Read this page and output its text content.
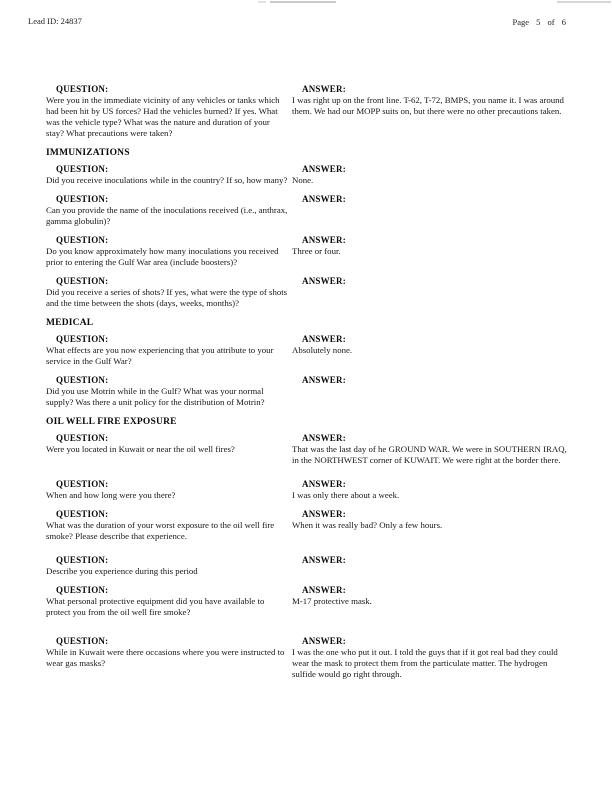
Lead ID: 24837	Page 5 of 6
QUESTION:
Were you in the immediate vicinity of any vehicles or tanks which had been hit by US forces? Had the vehicles burned? If yes. What was the vehicle type? What was the nature and duration of your stay? What precautions were taken?
ANSWER:
I was right up on the front line. T-62, T-72, BMPS, you name it. I was around them. We had our MOPP suits on, but there were no other precautions taken.
IMMUNIZATIONS
QUESTION:
Did you receive inoculations while in the country? If so, how many?
ANSWER:
None.
QUESTION:
Can you provide the name of the inoculations received (i.e., anthrax, gamma globulin)?
ANSWER:
QUESTION:
Do you know approximately how many inoculations you received prior to entering the Gulf War area (include boosters)?
ANSWER:
Three or four.
QUESTION:
Did you receive a series of shots? If yes, what were the type of shots and the time between the shots (days, weeks, months)?
ANSWER:
MEDICAL
QUESTION:
What effects are you now experiencing that you attribute to your service in the Gulf War?
ANSWER:
Absolutely none.
QUESTION:
Did you use Motrin while in the Gulf? What was your normal supply? Was there a unit policy for the distribution of Motrin?
ANSWER:
OIL WELL FIRE EXPOSURE
QUESTION:
Were you located in Kuwait or near the oil well fires?
ANSWER:
That was the last day of he GROUND WAR. We were in SOUTHERN IRAQ, in the NORTHWEST corner of KUWAIT. We were right at the border there.
QUESTION:
When and how long were you there?
ANSWER:
I was only there about a week.
QUESTION:
What was the duration of your worst exposure to the oil well fire smoke? Please describe that experience.
ANSWER:
When it was really bad? Only a few hours.
QUESTION:
Describe you experience during this period
ANSWER:
QUESTION:
What personal protective equipment did you have available to protect you from the oil well fire smoke?
ANSWER:
M-17 protective mask.
QUESTION:
While in Kuwait were there occasions where you were instructed to wear gas masks?
ANSWER:
I was the one who put it out. I told the guys that if it got real bad they could wear the mask to protect them from the particulate matter. The hydrogen sulfide would go right through.
